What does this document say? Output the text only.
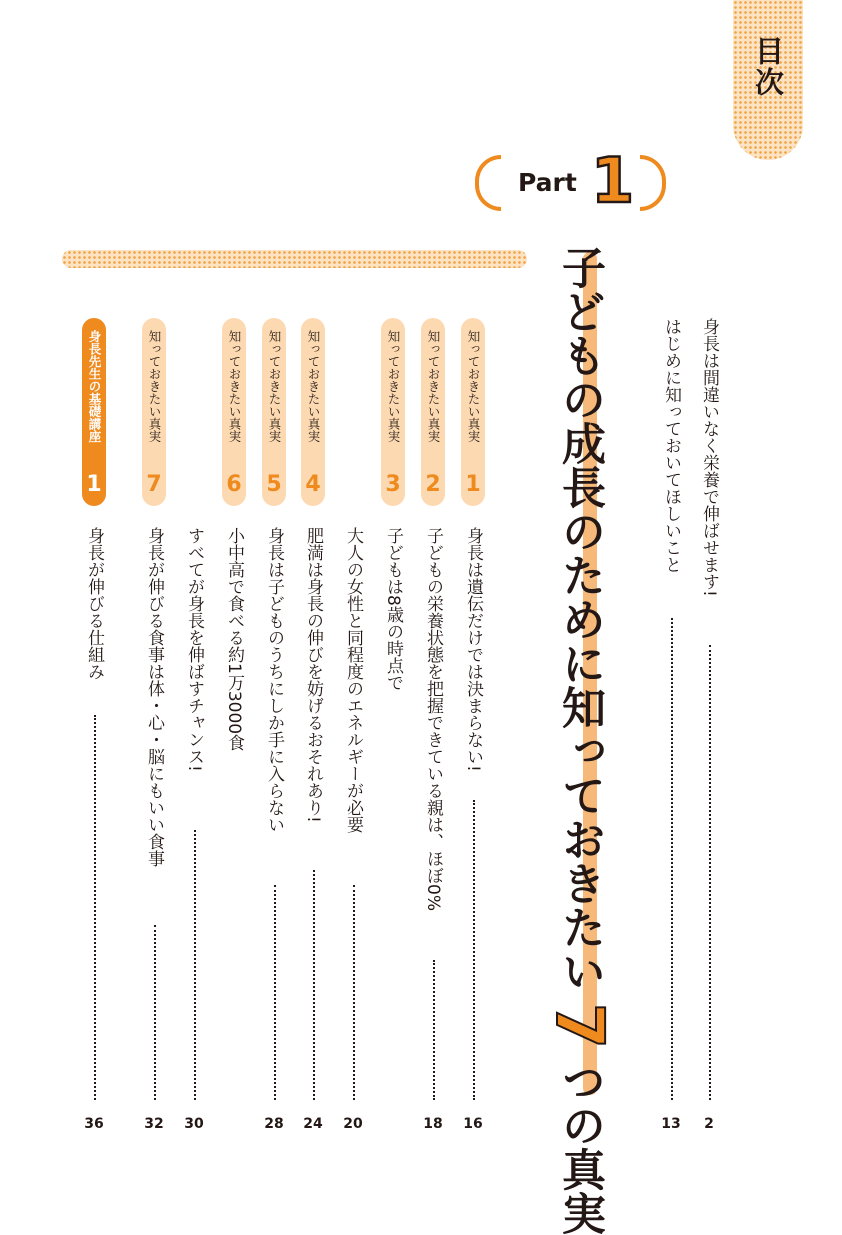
目次
Part 1
子どもの成長のために知っておきたい7つの真実
身長は間違いなく栄養で伸ばせます!
2
はじめに知っておいてほしいこと
13
知っておきたい真実
1
知っておきたい真実
2
知っておきたい真実
3
知っておきたい真実
4
知っておきたい真実
5
知っておきたい真実
6
知っておきたい真実
7
身長先生の基礎講座
1
身長は遺伝だけでは決まらない!
16
子どもの栄養状態を把握できている親は、ほぼ0%
18
子どもは8歳の時点で
大人の女性と同程度のエネルギーが必要
20
肥満は身長の伸びを妨げるおそれあり!
24
身長は子どものうちにしか手に入らない
28
小中高で食べる約1万3000食
すべてが身長を伸ばすチャンス!
30
身長が伸びる食事は体・心・脳にもいい食事
32
身長が伸びる仕組み
36
